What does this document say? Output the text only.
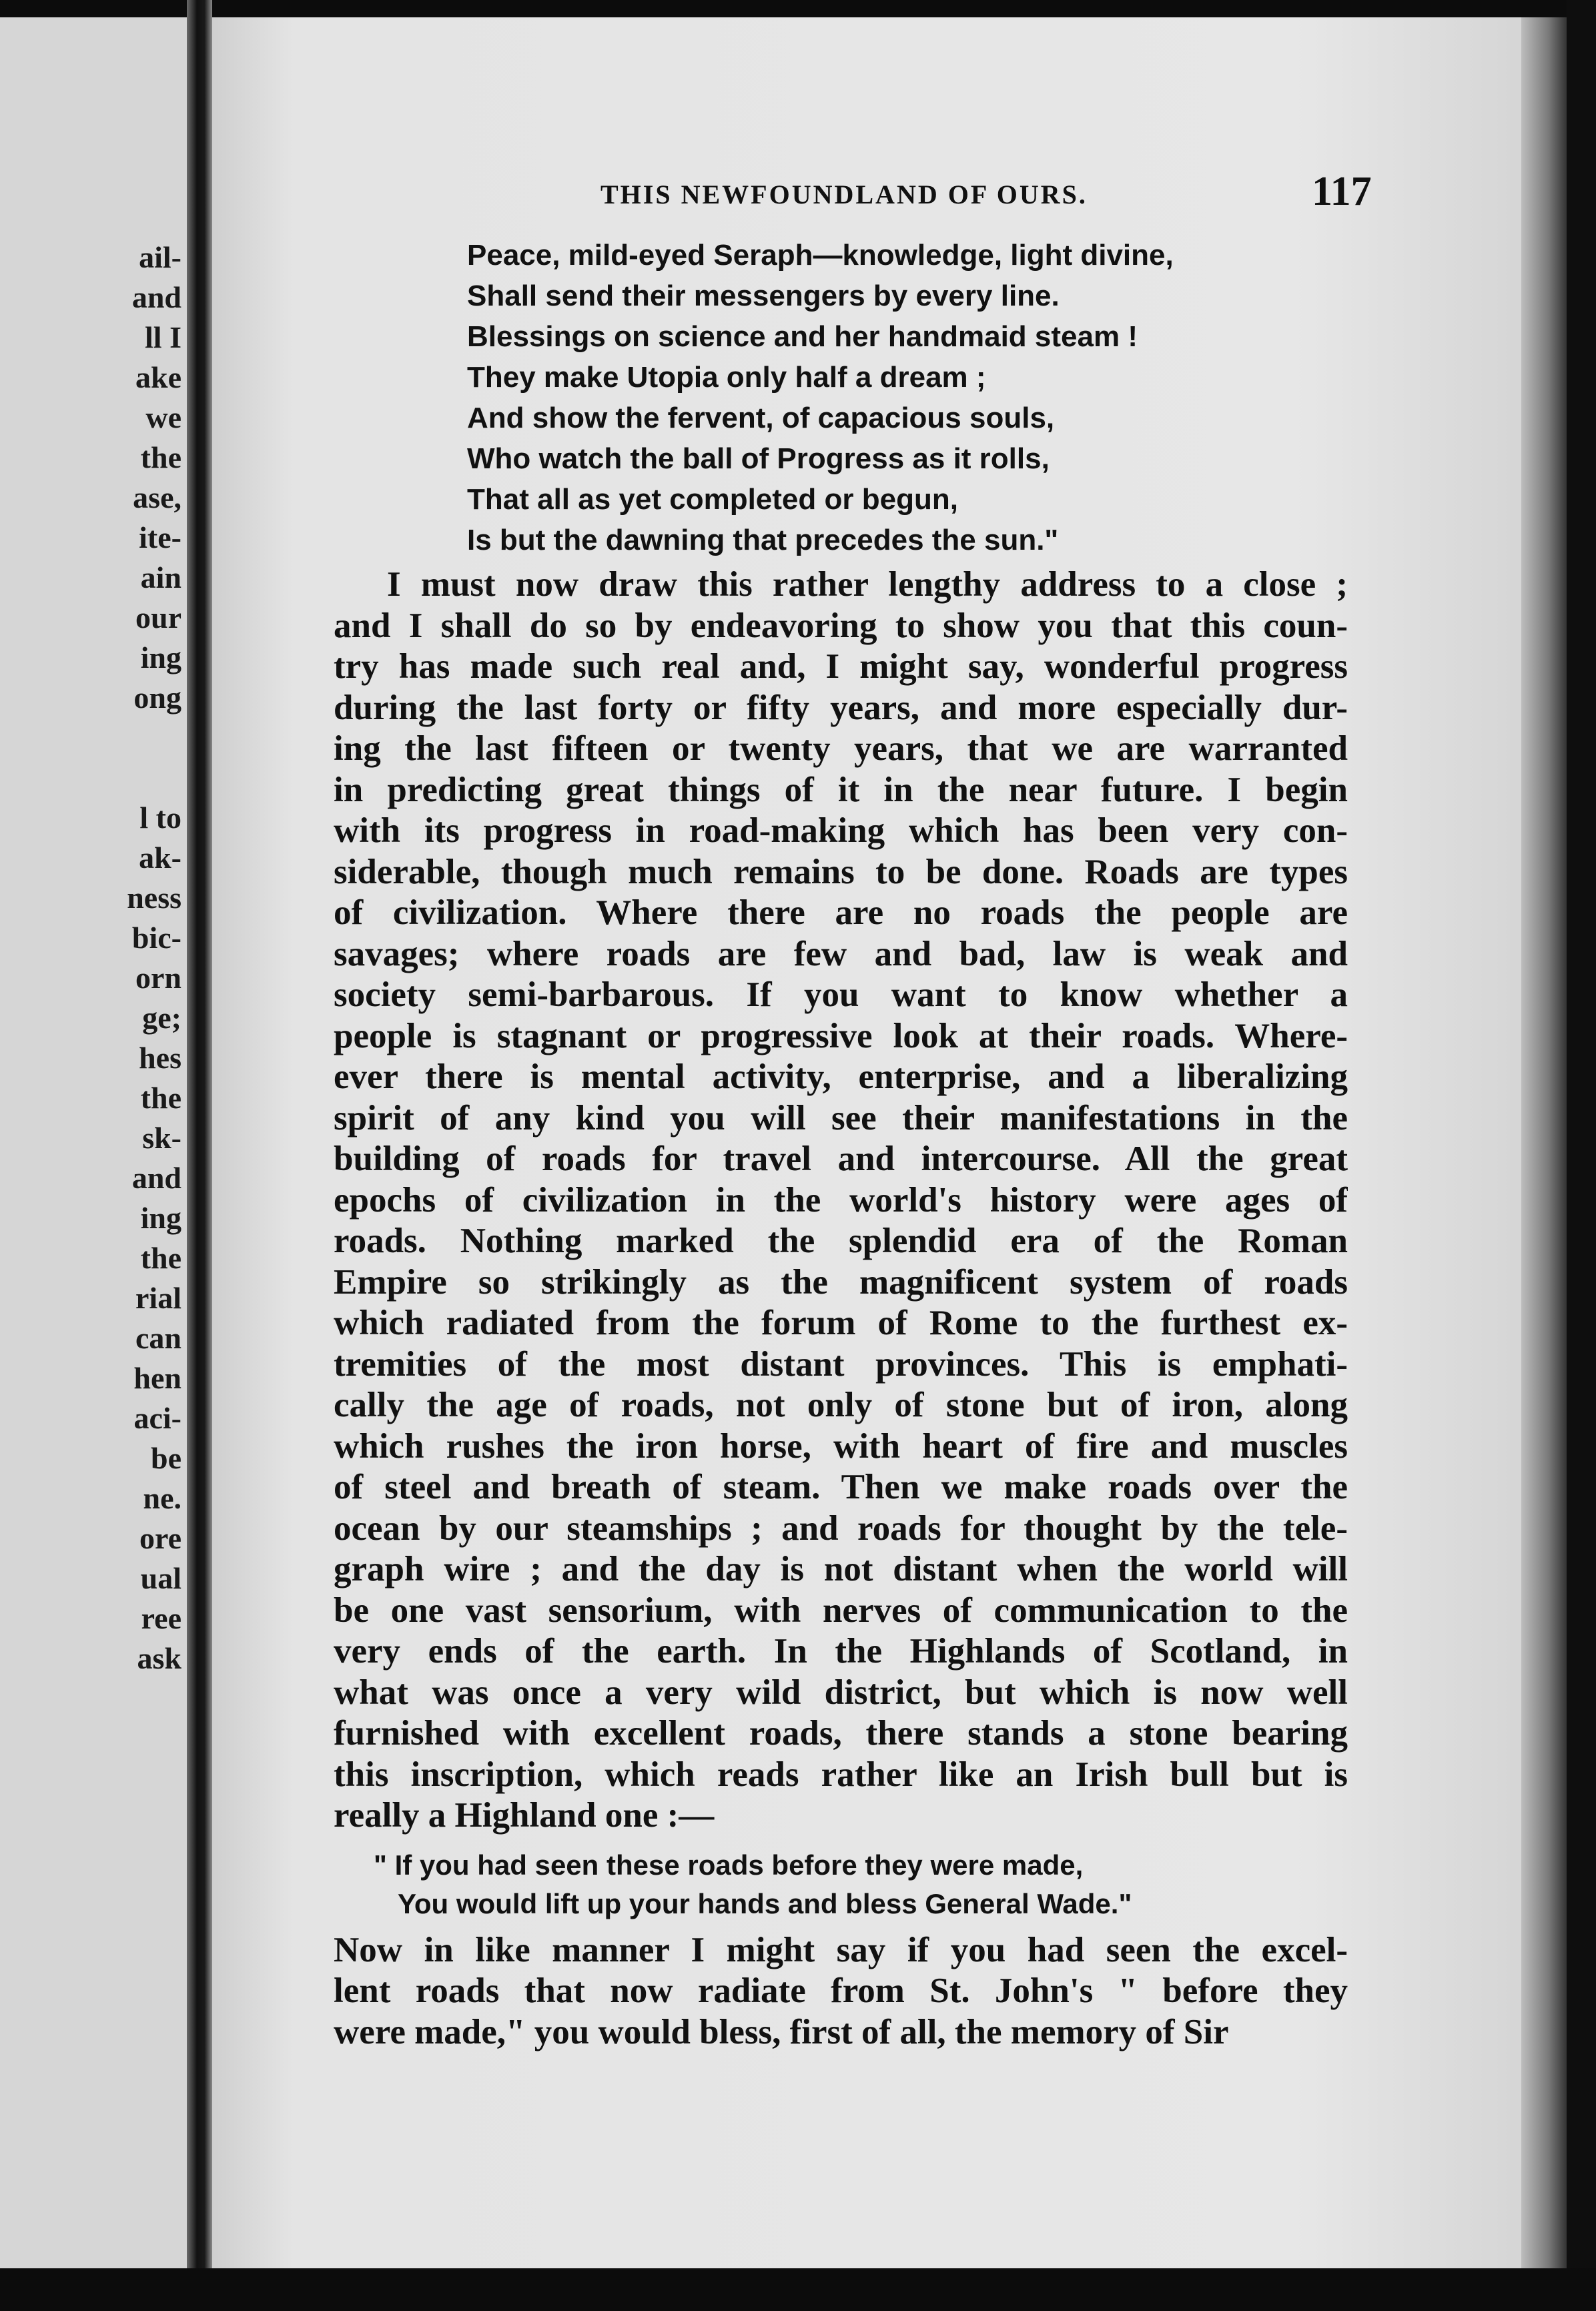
ail-
and
ll I
ake
we
the
ase,
ite-
ain
our
ing
ong
l to
ak-
ness
bic-
orn
ge;
hes
the
sk-
and
ing
the
rial
can
hen
aci-
be
ne.
ore
ual
ree
ask
THIS NEWFOUNDLAND OF OURS.	117
Peace, mild-eyed Seraph—knowledge, light divine,
Shall send their messengers by every line.
Blessings on science and her handmaid steam !
They make Utopia only half a dream ;
And show the fervent, of capacious souls,
Who watch the ball of Progress as it rolls,
That all as yet completed or begun,
Is but the dawning that precedes the sun."
I must now draw this rather lengthy address to a close ;
and I shall do so by endeavoring to show you that this coun-
try has made such real and, I might say, wonderful progress
during the last forty or fifty years, and more especially dur-
ing the last fifteen or twenty years, that we are warranted
in predicting great things of it in the near future. I begin
with its progress in road-making which has been very con-
siderable, though much remains to be done. Roads are types
of civilization. Where there are no roads the people are
savages; where roads are few and bad, law is weak and
society semi-barbarous. If you want to know whether a
people is stagnant or progressive look at their roads. Where-
ever there is mental activity, enterprise, and a liberalizing
spirit of any kind you will see their manifestations in the
building of roads for travel and intercourse. All the great
epochs of civilization in the world's history were ages of
roads. Nothing marked the splendid era of the Roman
Empire so strikingly as the magnificent system of roads
which radiated from the forum of Rome to the furthest ex-
tremities of the most distant provinces. This is emphati-
cally the age of roads, not only of stone but of iron, along
which rushes the iron horse, with heart of fire and muscles
of steel and breath of steam. Then we make roads over the
ocean by our steamships ; and roads for thought by the tele-
graph wire ; and the day is not distant when the world will
be one vast sensorium, with nerves of communication to the
very ends of the earth. In the Highlands of Scotland, in
what was once a very wild district, but which is now well
furnished with excellent roads, there stands a stone bearing
this inscription, which reads rather like an Irish bull but is
really a Highland one :—
" If you had seen these roads before they were made,
You would lift up your hands and bless General Wade."
Now in like manner I might say if you had seen the excel-
lent roads that now radiate from St. John's " before they
were made," you would bless, first of all, the memory of Sir
